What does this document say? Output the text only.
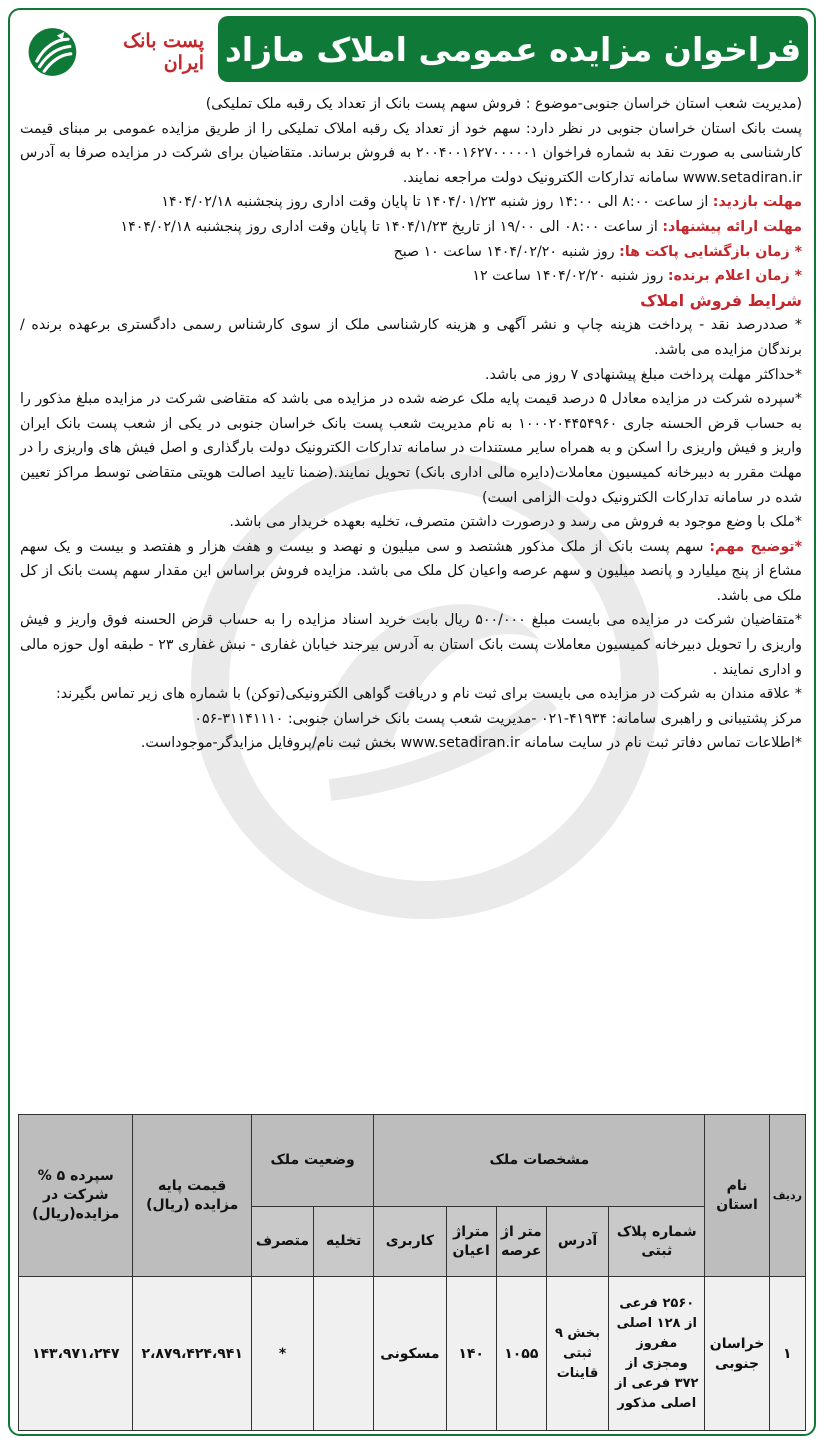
فراخوان مزایده عمومی املاک مازاد
پست بانک ایران

(مدیریت شعب استان خراسان جنوبی-موضوع : فروش سهم پست بانک از تعداد یک رقبه ملک تملیکی)

پست بانک استان خراسان جنوبی در نظر دارد: سهم خود از تعداد یک رقبه املاک تملیکی را از طریق مزایده عمومی بر مبنای قیمت کارشناسی به صورت نقد به شماره فراخوان ۲۰۰۴۰۰۱۶۲۷۰۰۰۰۰۱ به فروش برساند. متقاضیان برای شرکت در مزایده صرفا به آدرس www.setadiran.ir سامانه تدارکات الکترونیک دولت مراجعه نمایند.

مهلت بازدید: از ساعت ۸:۰۰ الی ۱۴:۰۰ روز شنبه ۱۴۰۴/۰۱/۲۳ تا پایان وقت اداری روز پنجشنبه ۱۴۰۴/۰۲/۱۸

مهلت ارائه پیشنهاد: از ساعت ۰۸:۰۰ الی ۱۹/۰۰ از تاریخ ۱۴۰۴/۱/۲۳ تا پایان وقت اداری روز پنجشنبه ۱۴۰۴/۰۲/۱۸

* زمان بازگشایی پاکت ها: روز شنبه ۱۴۰۴/۰۲/۲۰ ساعت ۱۰ صبح

* زمان اعلام برنده: روز شنبه ۱۴۰۴/۰۲/۲۰ ساعت ۱۲

شرایط فروش املاک

* صددرصد نقد - پرداخت هزینه چاپ و نشر آگهی و هزینه کارشناسی ملک از سوی کارشناس رسمی دادگستری برعهده برنده / برندگان مزایده می باشد.

*حداکثر مهلت پرداخت مبلغ پیشنهادی ۷ روز می باشد.

*سپرده شرکت در مزایده معادل ۵ درصد قیمت پایه ملک عرضه شده در مزایده می باشد که متقاضی شرکت در مزایده مبلغ مذکور را به حساب قرض الحسنه جاری ۱۰۰۰۲۰۴۴۵۴۹۶۰ به نام مدیریت شعب پست بانک خراسان جنوبی در یکی از شعب پست بانک ایران واریز و فیش واریزی را اسکن و به همراه سایر مستندات در سامانه تدارکات الکترونیک دولت بارگذاری و اصل فیش های واریزی را در مهلت مقرر به دبیرخانه کمیسیون معاملات(دایره مالی اداری بانک) تحویل نمایند.(ضمنا تایید اصالت هویتی متقاضی توسط مراکز تعیین شده در سامانه تدارکات الکترونیک دولت الزامی است)

*ملک با وضع موجود به فروش می رسد و درصورت داشتن متصرف، تخلیه بعهده خریدار می باشد.

*توضیح مهم: سهم پست بانک از ملک مذکور هشتصد و سی میلیون و نهصد و بیست و هفت هزار و هفتصد و بیست و یک سهم مشاع از پنج میلیارد و پانصد میلیون و سهم عرصه واعیان کل ملک می باشد. مزایده فروش براساس این مقدار سهم پست بانک از کل ملک می باشد.

*متقاضیان شرکت در مزایده می بایست مبلغ ۵۰۰/۰۰۰ ریال بابت خرید اسناد مزایده را به حساب قرض الحسنه فوق واریز و فیش واریزی را تحویل دبیرخانه کمیسیون معاملات پست بانک استان به آدرس بیرجند خیابان غفاری - نبش غفاری ۲۳ - طبقه اول حوزه مالی و اداری نمایند .

* علاقه مندان به شرکت در مزایده می بایست برای ثبت نام و دریافت گواهی الکترونیکی(توکن) با شماره های زیر تماس بگیرند:

مرکز پشتیبانی و راهبری سامانه: ۴۱۹۳۴-۰۲۱ -مدیریت شعب پست بانک خراسان جنوبی: ۳۱۱۴۱۱۱۰-۰۵۶

*اطلاعات تماس دفاتر ثبت نام در سایت سامانه www.setadiran.ir بخش ثبت نام/پروفایل مزایدگر-موجوداست.

ردیف	نام استان	مشخصات ملک					وضعیت ملک		قیمت پایه مزایده (ریال)	سپرده ۵ % شرکت در مزایده(ریال)
		شماره پلاک ثبتی	آدرس	متر اژ عرصه	متراژ اعیان	کاربری	تخلیه	متصرف		
۱	خراسان جنوبی	۲۵۶۰ فرعی از ۱۲۸ اصلی مفروز ومجزی از ۳۷۲ فرعی از اصلی مذکور	بخش ۹ ثبتی قاینات	۱۰۵۵	۱۴۰	مسکونی		*	۲،۸۷۹،۴۲۴،۹۴۱	۱۴۳،۹۷۱،۲۴۷
